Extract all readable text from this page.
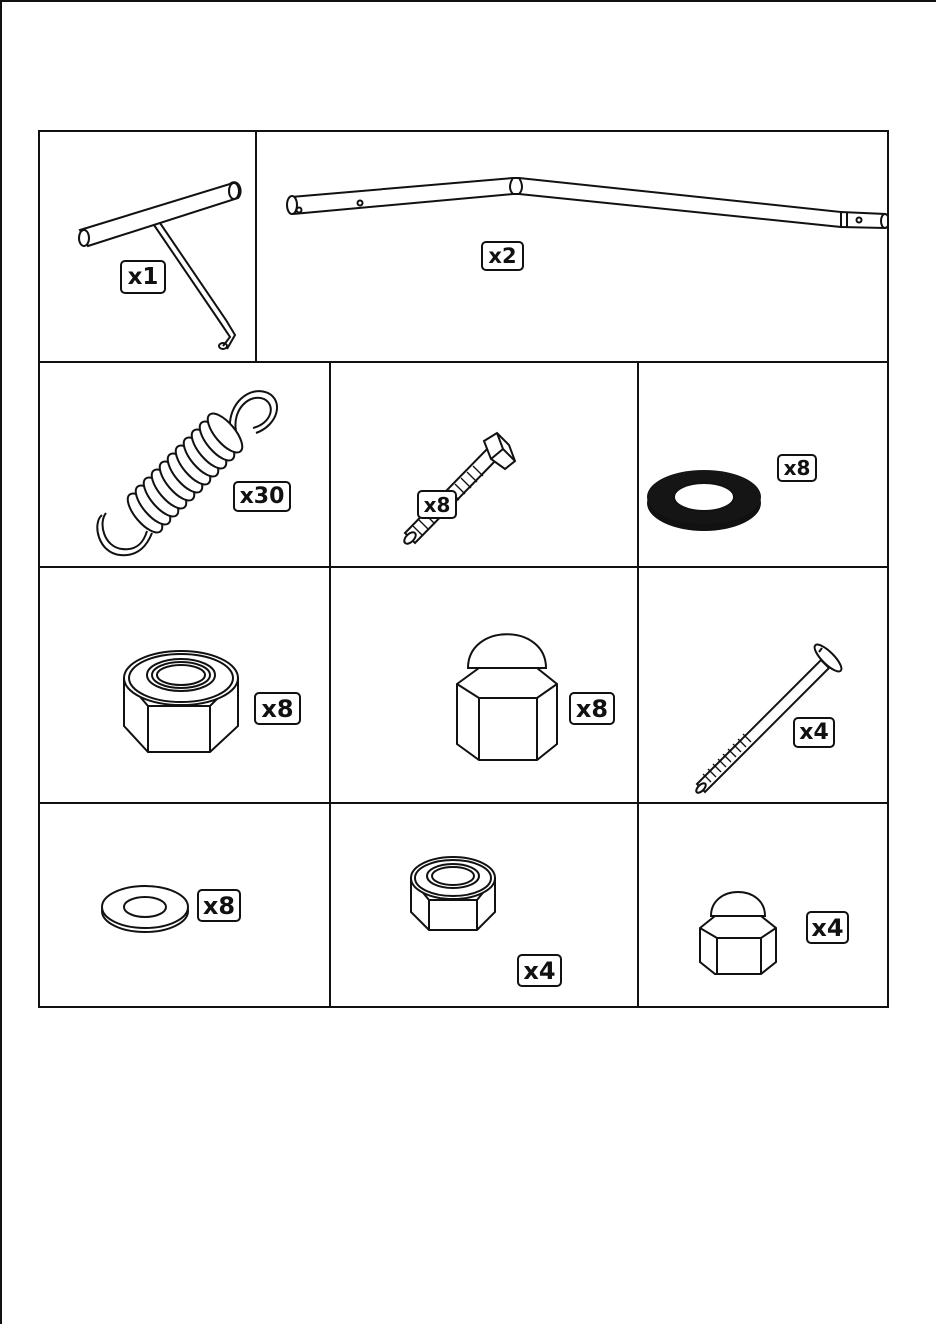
x1
x2
x30	x8
x8
x8	x8
x4
x8
x4
x4
